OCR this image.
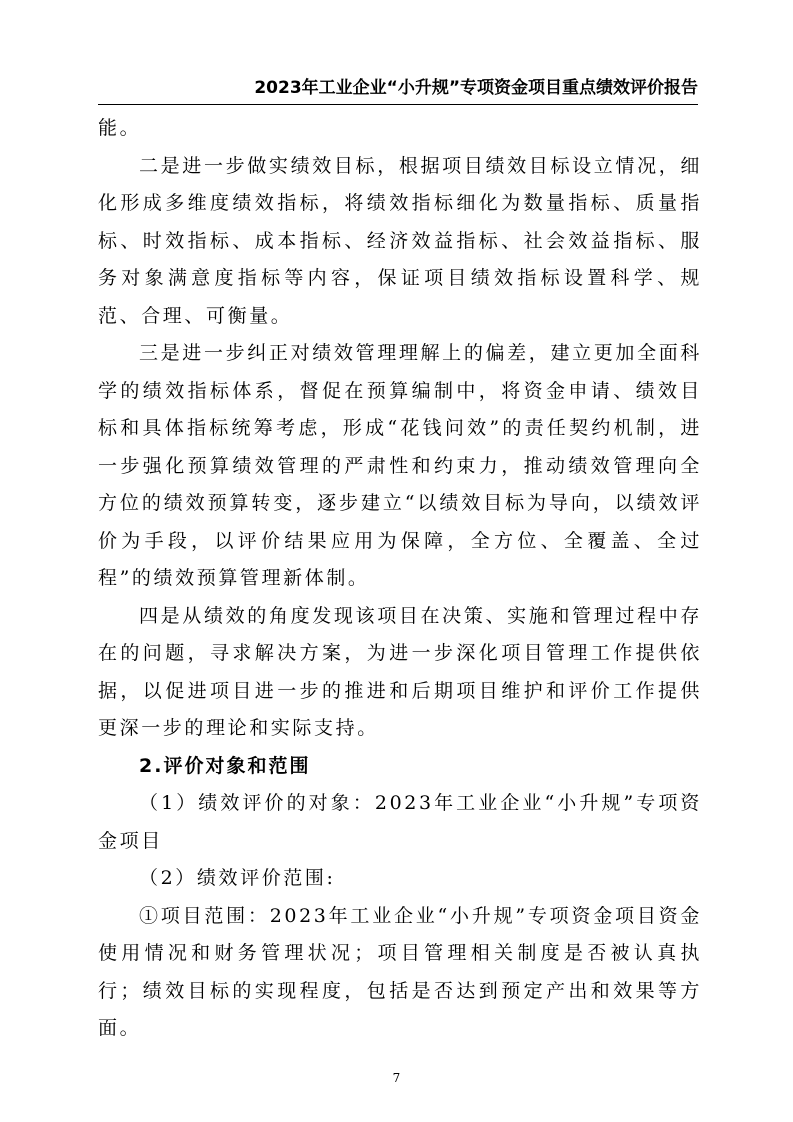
2023年工业企业“小升规”专项资金项目重点绩效评价报告

能。

二是进一步做实绩效目标，根据项目绩效目标设立情况，细化形成多维度绩效指标，将绩效指标细化为数量指标、质量指标、时效指标、成本指标、经济效益指标、社会效益指标、服务对象满意度指标等内容，保证项目绩效指标设置科学、规范、合理、可衡量。

三是进一步纠正对绩效管理理解上的偏差，建立更加全面科学的绩效指标体系，督促在预算编制中，将资金申请、绩效目标和具体指标统筹考虑，形成“花钱问效”的责任契约机制，进一步强化预算绩效管理的严肃性和约束力，推动绩效管理向全方位的绩效预算转变，逐步建立“以绩效目标为导向，以绩效评价为手段，以评价结果应用为保障，全方位、全覆盖、全过程”的绩效预算管理新体制。

四是从绩效的角度发现该项目在决策、实施和管理过程中存在的问题，寻求解决方案，为进一步深化项目管理工作提供依据，以促进项目进一步的推进和后期项目维护和评价工作提供更深一步的理论和实际支持。

2.评价对象和范围

（1）绩效评价的对象：2023年工业企业“小升规”专项资金项目

（2）绩效评价范围:

①项目范围：2023年工业企业“小升规”专项资金项目资金使用情况和财务管理状况；项目管理相关制度是否被认真执行；绩效目标的实现程度，包括是否达到预定产出和效果等方面。

7
